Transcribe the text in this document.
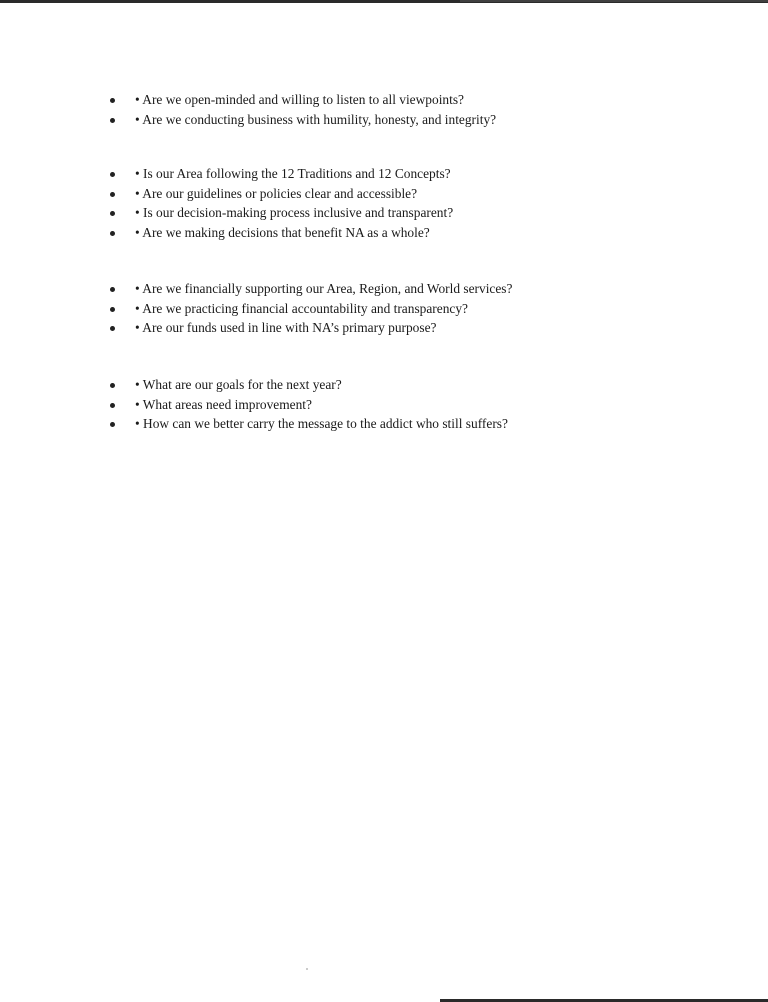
• Are we open-minded and willing to listen to all viewpoints?
• Are we conducting business with humility, honesty, and integrity?
• Is our Area following the 12 Traditions and 12 Concepts?
• Are our guidelines or policies clear and accessible?
• Is our decision-making process inclusive and transparent?
• Are we making decisions that benefit NA as a whole?
• Are we financially supporting our Area, Region, and World services?
• Are we practicing financial accountability and transparency?
• Are our funds used in line with NA’s primary purpose?
• What are our goals for the next year?
• What areas need improvement?
• How can we better carry the message to the addict who still suffers?
